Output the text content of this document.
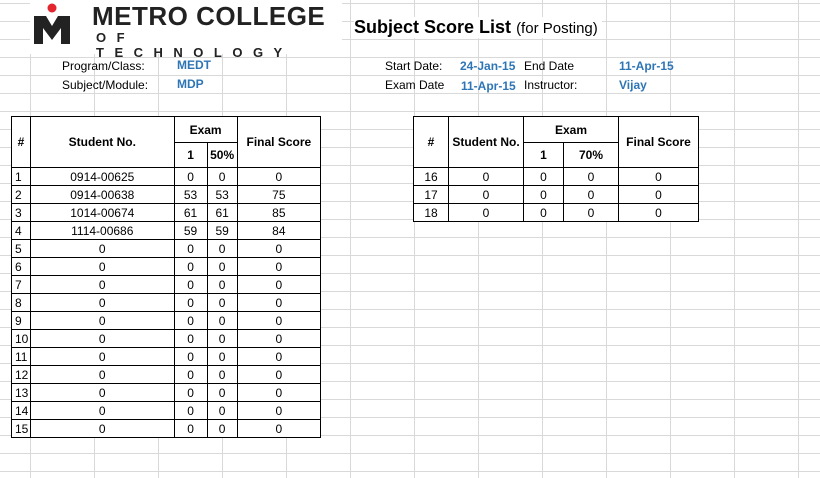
METRO COLLEGE
OF TECHNOLOGY
Subject Score List (for Posting)
Program/Class:	MEDT
Subject/Module: MDP
Start Date: 24-Jan-15 End Date	11-Apr-15
Exam Date 11-Apr-15 Instructor:	Vijay
#	Student No.	Exam		Final Score
		1	50%	
1	0914-00625	0	0	0
2	0914-00638	53	53	75
3	1014-00674	61	61	85
4	1114-00686	59	59	84
5	0	0	0	0
6	0	0	0	0
7	0	0	0	0
8	0	0	0	0
9	0	0	0	0
10	0	0	0	0
11	0	0	0	0
12	0	0	0	0
13	0	0	0	0
14	0	0	0	0
15	0	0	0	0
#	Student No.	Exam		Final Score
		1	70%	
16	0	0	0	0
17	0	0	0	0
18	0	0	0	0
